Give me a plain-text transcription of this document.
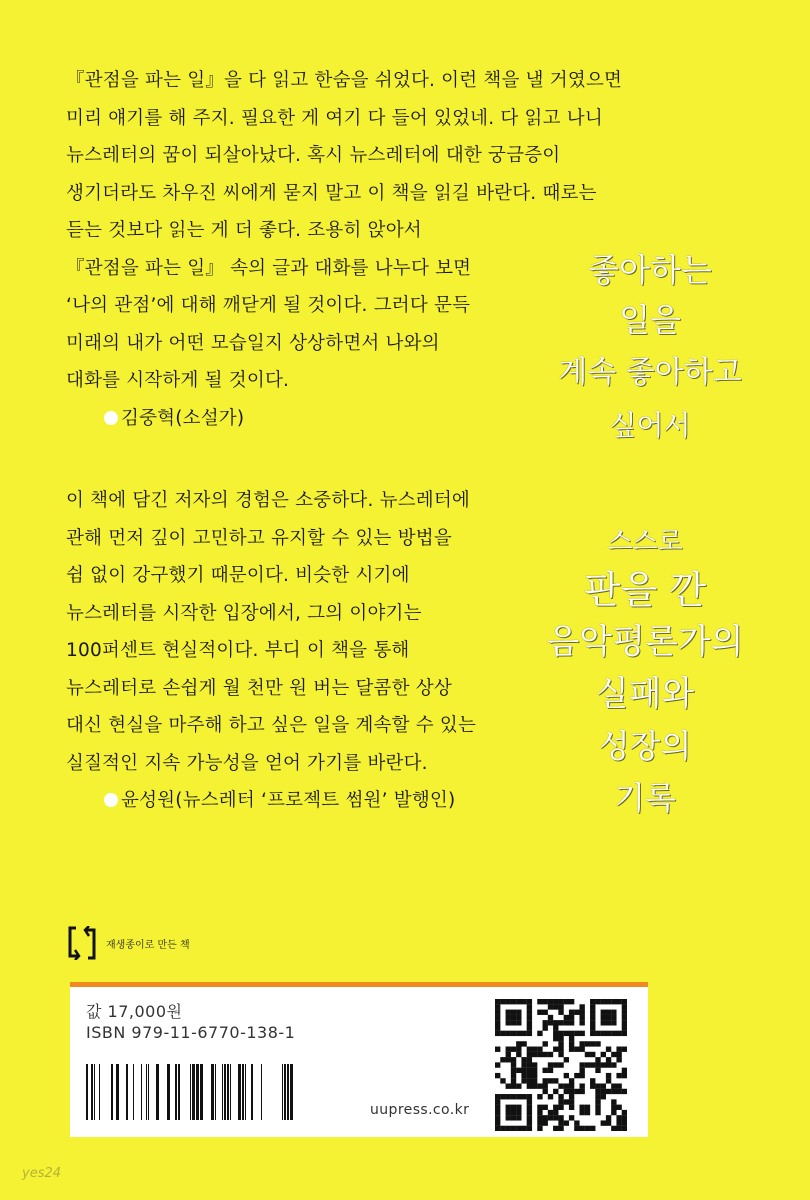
『관점을 파는 일』을 다 읽고 한숨을 쉬었다. 이런 책을 낼 거였으면
미리 얘기를 해 주지. 필요한 게 여기 다 들어 있었네. 다 읽고 나니
뉴스레터의 꿈이 되살아났다. 혹시 뉴스레터에 대한 궁금증이
생기더라도 차우진 씨에게 묻지 말고 이 책을 읽길 바란다. 때로는
듣는 것보다 읽는 게 더 좋다. 조용히 앉아서
『관점을 파는 일』 속의 글과 대화를 나누다 보면
‘나의 관점’에 대해 깨닫게 될 것이다. 그러다 문득
미래의 내가 어떤 모습일지 상상하면서 나와의
대화를 시작하게 될 것이다.
김중혁(소설가)
이 책에 담긴 저자의 경험은 소중하다. 뉴스레터에
관해 먼저 깊이 고민하고 유지할 수 있는 방법을
쉼 없이 강구했기 때문이다. 비슷한 시기에
뉴스레터를 시작한 입장에서, 그의 이야기는
100퍼센트 현실적이다. 부디 이 책을 통해
뉴스레터로 손쉽게 월 천만 원 버는 달콤한 상상
대신 현실을 마주해 하고 싶은 일을 계속할 수 있는
실질적인 지속 가능성을 얻어 가기를 바란다.
윤성원(뉴스레터 ‘프로젝트 썸원’ 발행인)
좋아하는
일을
계속 좋아하고
싶어서
스스로
판을 깐
음악평론가의
실패와
성장의
기록
재생종이로 만든 책
값 17,000원
ISBN 979-11-6770-138-1
uupress.co.kr
yes24
